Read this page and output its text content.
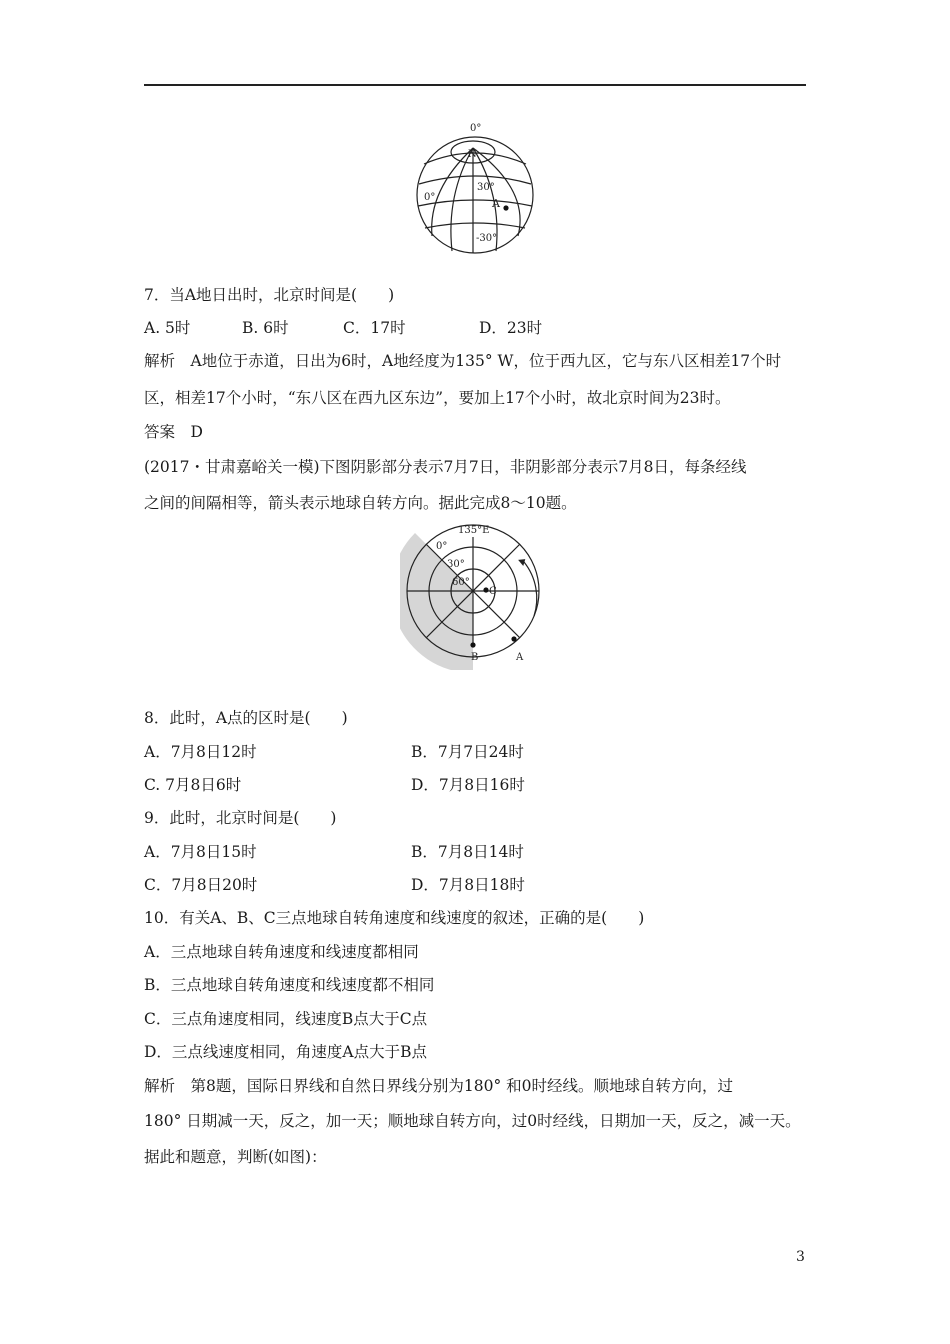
0°
N
0°
30°
A
-30°
7．当A地日出时，北京时间是(　　)
A. 5时	B. 6时	C．17时	D．23时
解析　A地位于赤道，日出为6时，A地经度为135° W，位于西九区，它与东八区相差17个时
区，相差17个小时，“东八区在西九区东边”，要加上17个小时，故北京时间为23时。
答案　D
(2017・甘肃嘉峪关一模)下图阴影部分表示7月7日，非阴影部分表示7月8日，每条经线
之间的间隔相等，箭头表示地球自转方向。据此完成8～10题。
135°E
0°
30°
60°
C
B	A
8．此时，A点的区时是(　　)
A．7月8日12时	B．7月7日24时
C. 7月8日6时	D．7月8日16时
9．此时，北京时间是(　　)
A．7月8日15时	B．7月8日14时
C．7月8日20时	D．7月8日18时
10．有关A、B、C三点地球自转角速度和线速度的叙述，正确的是(　　)
A．三点地球自转角速度和线速度都相同
B．三点地球自转角速度和线速度都不相同
C．三点角速度相同，线速度B点大于C点
D．三点线速度相同，角速度A点大于B点
解析　第8题，国际日界线和自然日界线分别为180° 和0时经线。顺地球自转方向，过
180° 日期减一天，反之，加一天；顺地球自转方向，过0时经线，日期加一天，反之，减一天。
据此和题意，判断(如图)：
3
